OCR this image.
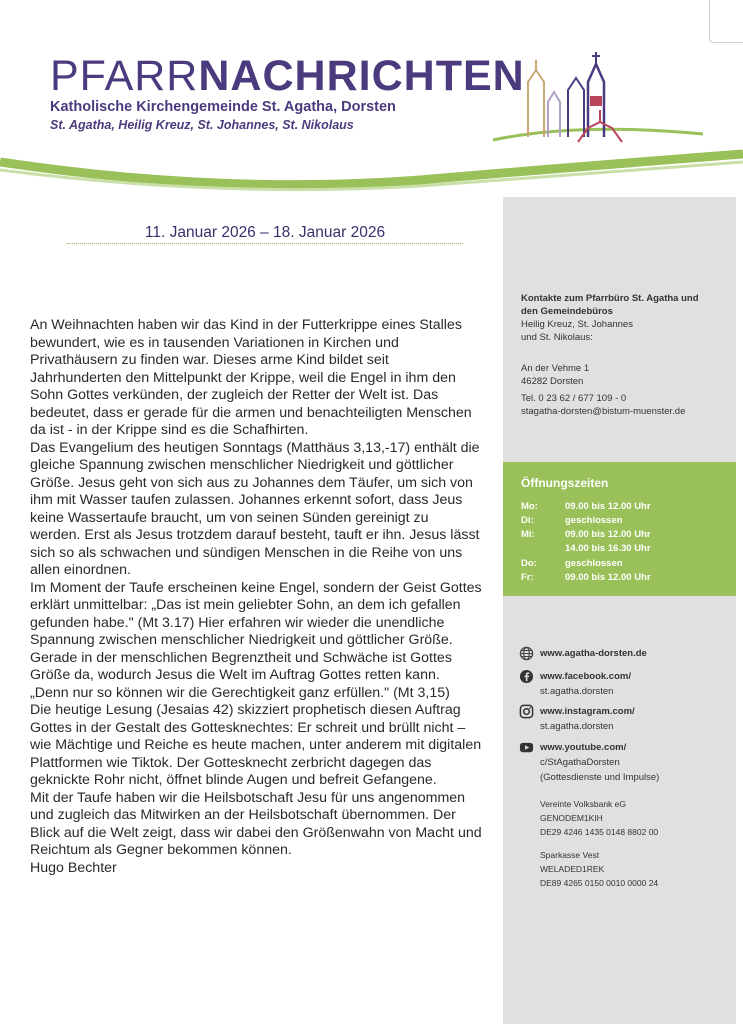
PFARRNACHRICHTEN
Katholische Kirchengemeinde St. Agatha, Dorsten
St. Agatha, Heilig Kreuz, St. Johannes, St. Nikolaus
Kontakte zum Pfarrbüro St. Agatha und
den Gemeindebüros
Heilig Kreuz, St. Johannes
und St. Nikolaus:
An der Vehme 1
46282 Dorsten
Tel. 0 23 62 / 677 109 - 0
stagatha-dorsten@bistum-muenster.de
Öffnungszeiten
Mo:	09.00 bis 12.00 Uhr
Di:	geschlossen
Mi:	09.00 bis 12.00 Uhr
14.00 bis 16.30 Uhr
Do:	geschlossen
Fr:	09.00 bis 12.00 Uhr
www.agatha-dorsten.de
www.facebook.com/
st.agatha.dorsten
www.instagram.com/
st.agatha.dorsten
www.youtube.com/
c/StAgathaDorsten
(Gottesdienste und Impulse)
Vereinte Volksbank eG
GENODEM1KIH
DE29 4246 1435 0148 8802 00
Sparkasse Vest
WELADED1REK
DE89 4265 0150 0010 0000 24
11. Januar 2026 – 18. Januar 2026

An Weihnachten haben wir das Kind in der Futterkrippe eines Stalles bewundert, wie es in tausenden Variationen in Kirchen und Privathäusern zu finden war. Dieses arme Kind bildet seit Jahrhunderten den Mittelpunkt der Krippe, weil die Engel in ihm den Sohn Gottes verkünden, der zugleich der Retter der Welt ist. Das bedeutet, dass er gerade für die armen und benachteiligten Menschen da ist - in der Krippe sind es die Schafhirten.

Das Evangelium des heutigen Sonntags (Matthäus 3,13,-17) enthält die gleiche Spannung zwischen menschlicher Niedrigkeit und göttlicher Größe. Jesus geht von sich aus zu Johannes dem Täufer, um sich von ihm mit Wasser taufen zulassen. Johannes erkennt sofort, dass Jeus keine Wassertaufe braucht, um von seinen Sünden gereinigt zu werden. Erst als Jesus trotzdem darauf besteht, tauft er ihn. Jesus lässt sich so als schwachen und sündigen Menschen in die Reihe von uns allen einordnen.

Im Moment der Taufe erscheinen keine Engel, sondern der Geist Gottes erklärt unmittelbar: „Das ist mein geliebter Sohn, an dem ich gefallen gefunden habe." (Mt 3.17) Hier erfahren wir wieder die unendliche Spannung zwischen menschlicher Niedrigkeit und göttlicher Größe. Gerade in der menschlichen Begrenztheit und Schwäche ist Gottes Größe da, wodurch Jesus die Welt im Auftrag Gottes retten kann. „Denn nur so können wir die Gerechtigkeit ganz erfüllen." (Mt 3,15)

Die heutige Lesung (Jesaias 42) skizziert prophetisch diesen Auftrag Gottes in der Gestalt des Gottesknechtes: Er schreit und brüllt nicht – wie Mächtige und Reiche es heute machen, unter anderem mit digitalen Plattformen wie Tiktok. Der Gottesknecht zerbricht dagegen das geknickte Rohr nicht, öffnet blinde Augen und befreit Gefangene.

Mit der Taufe haben wir die Heilsbotschaft Jesu für uns angenommen und zugleich das Mitwirken an der Heilsbotschaft übernommen. Der Blick auf die Welt zeigt, dass wir dabei den Größenwahn von Macht und Reichtum als Gegner bekommen können.

Hugo Bechter
